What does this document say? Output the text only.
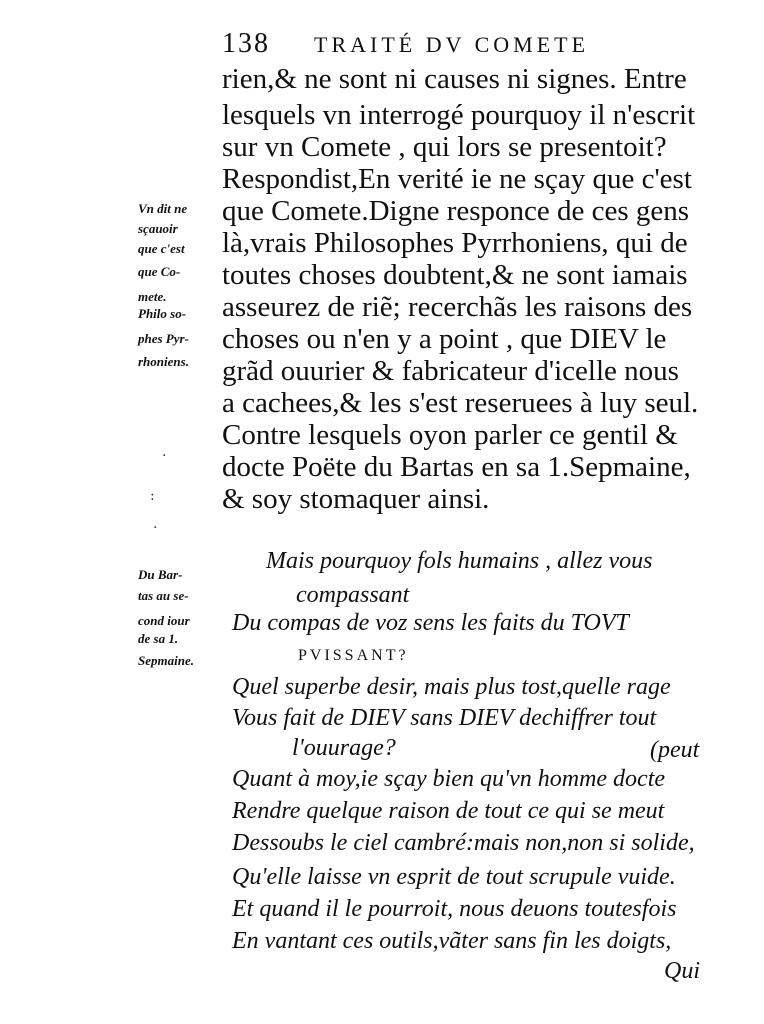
138 TRAITÉ DV COMETE
rien,& ne sont ni causes ni signes. Entre
lesquels vn interrogé pourquoy il n'escrit
sur vn Comete , qui lors se presentoit?
Respondist,En verité ie ne sçay que c'est
que Comete.Digne responce de ces gens
là,vrais Philosophes Pyrrhoniens, qui de
toutes choses doubtent,& ne sont iamais
asseurez de riẽ; recerchãs les raisons des
choses ou n'en y a point , que DIEV le
grãd ouurier & fabricateur d'icelle nous
a cachees,& les s'est reseruees à luy seul.
Contre lesquels oyon parler ce gentil &
docte Poëte du Bartas en sa 1.Sepmaine,
& soy stomaquer ainsi.
Vn dit ne
sçauoir
que c'est
que Co-
mete.
Philo so-
phes Pyr-
rhoniens.
·
:
·
Du Bar-
tas au se-
cond iour
de sa 1.
Sepmaine.
Mais pourquoy fols humains , allez vous
compassant
Du compas de voz sens les faits du TOVT
PVISSANT?
Quel superbe desir, mais plus tost,quelle rage
Vous fait de DIEV sans DIEV dechiffrer tout
l'ouurage?	(peut
Quant à moy,ie sçay bien qu'vn homme docte
Rendre quelque raison de tout ce qui se meut
Dessoubs le ciel cambré:mais non,non si solide,
Qu'elle laisse vn esprit de tout scrupule vuide.
Et quand il le pourroit, nous deuons toutesfois
En vantant ces outils,vãter sans fin les doigts,
Qui
